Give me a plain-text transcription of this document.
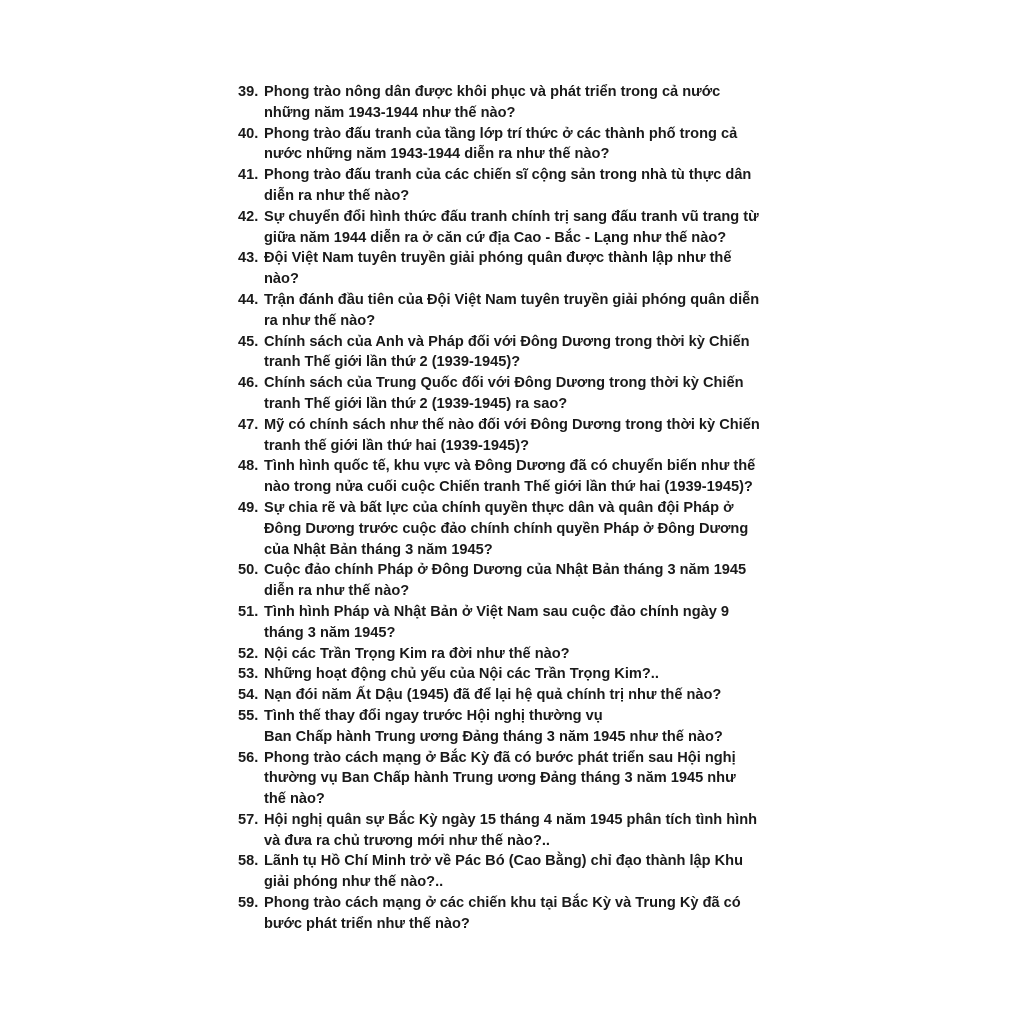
39. Phong trào nông dân được khôi phục và phát triển trong cả nước
những năm 1943-1944 như thế nào?
40. Phong trào đấu tranh của tầng lớp trí thức ở các thành phố trong cả
nước những năm 1943-1944 diễn ra như thế nào?
41. Phong trào đấu tranh của các chiến sĩ cộng sản trong nhà tù thực dân
diễn ra như thế nào?
42. Sự chuyển đổi hình thức đấu tranh chính trị sang đấu tranh vũ trang từ
giữa năm 1944 diễn ra ở căn cứ địa Cao - Bắc - Lạng như thế nào?
43. Đội Việt Nam tuyên truyền giải phóng quân được thành lập như thế
nào?
44. Trận đánh đầu tiên của Đội Việt Nam tuyên truyền giải phóng quân diễn
ra như thế nào?
45. Chính sách của Anh và Pháp đối với Đông Dương trong thời kỳ Chiến
tranh Thế giới lần thứ 2 (1939-1945)?
46. Chính sách của Trung Quốc đối với Đông Dương trong thời kỳ Chiến
tranh Thế giới lần thứ 2 (1939-1945) ra sao?
47. Mỹ có chính sách như thế nào đối với Đông Dương trong thời kỳ Chiến
tranh thế giới lần thứ hai (1939-1945)?
48. Tình hình quốc tế, khu vực và Đông Dương đã có chuyển biến như thế
nào trong nửa cuối cuộc Chiến tranh Thế giới lần thứ hai (1939-1945)?
49. Sự chia rẽ và bất lực của chính quyền thực dân và quân đội Pháp ở
Đông Dương trước cuộc đảo chính chính quyền Pháp ở Đông Dương
của Nhật Bản tháng 3 năm 1945?
50. Cuộc đảo chính Pháp ở Đông Dương của Nhật Bản tháng 3 năm 1945
diễn ra như thế nào?
51. Tình hình Pháp và Nhật Bản ở Việt Nam sau cuộc đảo chính ngày 9
tháng 3 năm 1945?
52. Nội các Trần Trọng Kim ra đời như thế nào?
53. Những hoạt động chủ yếu của Nội các Trần Trọng Kim?..
54. Nạn đói năm Ất Dậu (1945) đã để lại hệ quả chính trị như thế nào?
55. Tình thế thay đổi ngay trước Hội nghị thường vụ
Ban Chấp hành Trung ương Đảng tháng 3 năm 1945 như thế nào?
56. Phong trào cách mạng ở Bắc Kỳ đã có bước phát triển sau Hội nghị
thường vụ Ban Chấp hành Trung ương Đảng tháng 3 năm 1945 như
thế nào?
57. Hội nghị quân sự Bắc Kỳ ngày 15 tháng 4 năm 1945 phân tích tình hình
và đưa ra chủ trương mới như thế nào?..
58. Lãnh tụ Hồ Chí Minh trở về Pác Bó (Cao Bằng) chỉ đạo thành lập Khu
giải phóng như thế nào?..
59. Phong trào cách mạng ở các chiến khu tại Bắc Kỳ và Trung Kỳ đã có
bước phát triển như thế nào?
